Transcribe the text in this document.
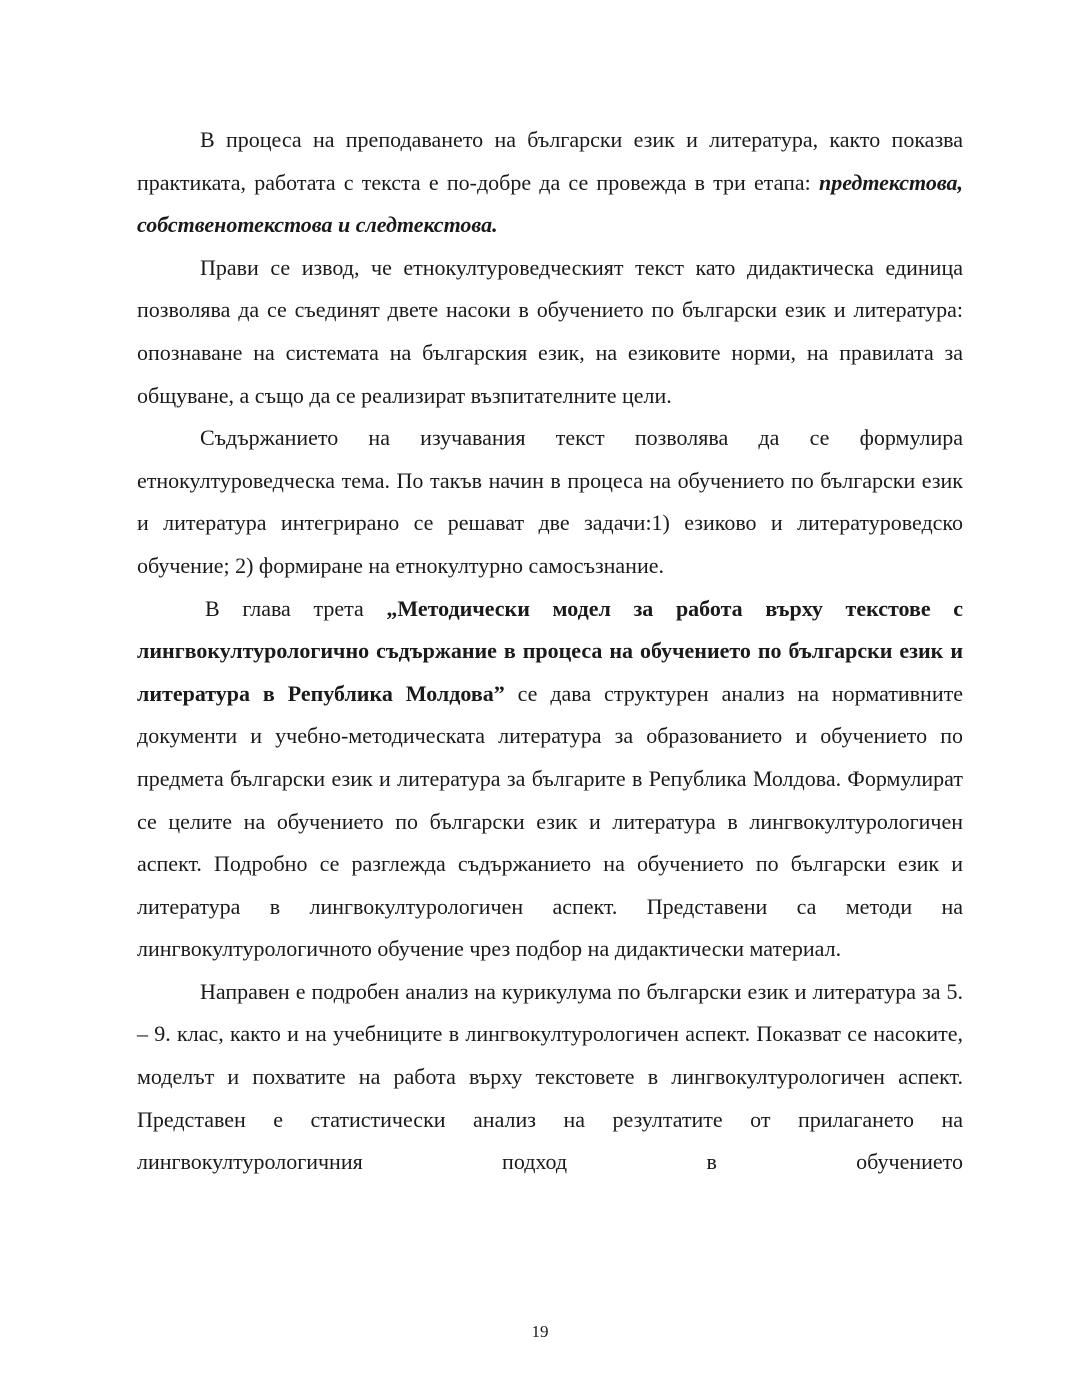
В процеса на преподаването на български език и литература, както показва практиката, работата с текста е по-добре да се провежда в три етапа: предтекстова, собственотекстова и следтекстова.

Прави се извод, че етнокултуроведческият текст като дидактическа единица позволява да се съединят двете насоки в обучението по български език и литература: опознаване на системата на българския език, на езиковите норми, на правилата за общуване, а също да се реализират възпитателните цели.

Съдържанието на изучавания текст позволява да се формулира етнокултуроведческа тема. По такъв начин в процеса на обучението по български език и литература интегрирано се решават две задачи:1) езиково и литературоведско обучение; 2) формиране на етнокултурно самосъзнание.

В глава трета „Методически модел за работа върху текстове с лингвокултурологично съдържание в процеса на обучението по български език и литература в Република Молдова” се дава структурен анализ на нормативните документи и учебно-методическата литература за образованието и обучението по предмета български език и литература за българите в Република Молдова. Формулират се целите на обучението по български език и литература в лингвокултурологичен аспект. Подробно се разглежда съдържанието на обучението по български език и литература в лингвокултурологичен аспект. Представени са методи на лингвокултурологичното обучение чрез подбор на дидактически материал.

Направен е подробен анализ на курикулума по български език и литература за 5. – 9. клас, както и на учебниците в лингвокултурологичен аспект. Показват се насоките, моделът и похватите на работа върху текстовете в лингвокултурологичен аспект. Представен е статистически анализ на резултатите от прилагането на лингвокултурологичния подход в обучението

19
